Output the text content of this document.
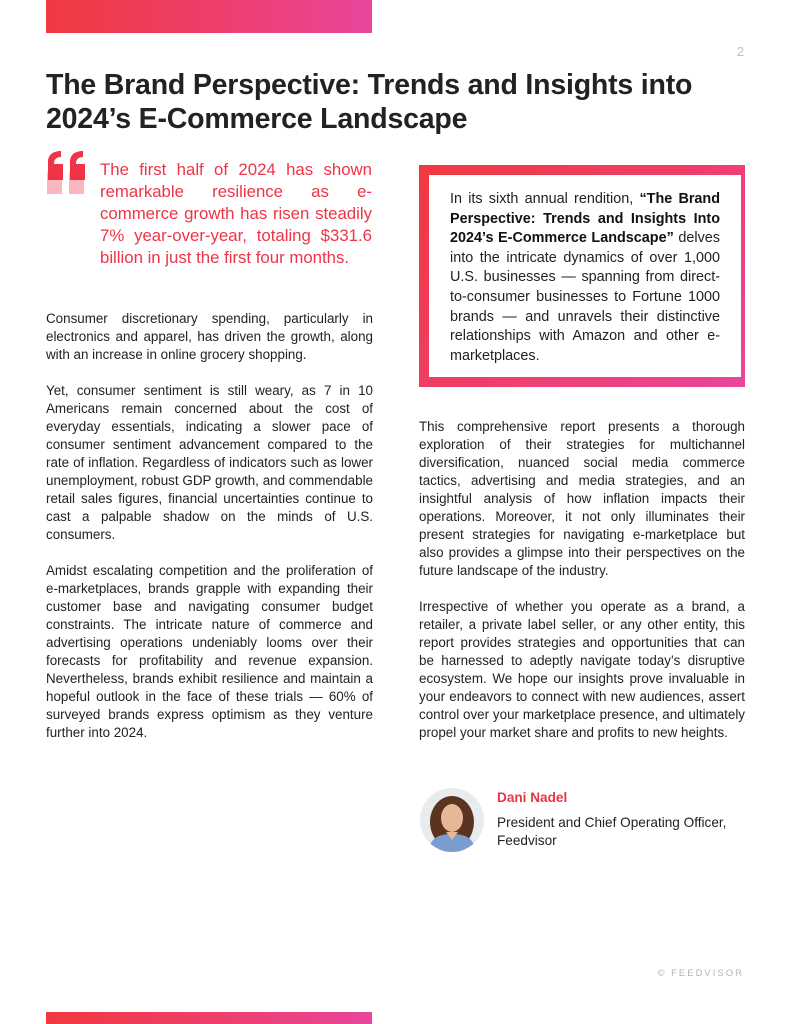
2
The Brand Perspective: Trends and Insights into 2024’s E-Commerce Landscape

The first half of 2024 has shown remarkable resilience as e-commerce growth has risen steadily 7% year-over-year, totaling $331.6 billion in just the first four months.

Consumer discretionary spending, particularly in electronics and apparel, has driven the growth, along with an increase in online grocery shopping.

Yet, consumer sentiment is still weary, as 7 in 10 Americans remain concerned about the cost of everyday essentials, indicating a slower pace of consumer sentiment advancement compared to the rate of inflation. Regardless of indicators such as lower unemployment, robust GDP growth, and commendable retail sales figures, financial uncertainties continue to cast a palpable shadow on the minds of U.S. consumers.

Amidst escalating competition and the proliferation of e-marketplaces, brands grapple with expanding their customer base and navigating consumer budget constraints. The intricate nature of commerce and advertising operations undeniably looms over their forecasts for profitability and revenue expansion. Nevertheless, brands exhibit resilience and maintain a hopeful outlook in the face of these trials — 60% of surveyed brands express optimism as they venture further into 2024.

In its sixth annual rendition, “The Brand Perspective: Trends and Insights Into 2024’s E-Commerce Landscape” delves into the intricate dynamics of over 1,000 U.S. businesses — spanning from direct-to-consumer businesses to Fortune 1000 brands — and unravels their distinctive relationships with Amazon and other e-marketplaces.

This comprehensive report presents a thorough exploration of their strategies for multichannel diversification, nuanced social media commerce tactics, advertising and media strategies, and an insightful analysis of how inflation impacts their operations. Moreover, it not only illuminates their present strategies for navigating e-marketplace but also provides a glimpse into their perspectives on the future landscape of the industry.

Irrespective of whether you operate as a brand, a retailer, a private label seller, or any other entity, this report provides strategies and opportunities that can be harnessed to adeptly navigate today’s disruptive ecosystem. We hope our insights prove invaluable in your endeavors to connect with new audiences, assert control over your marketplace presence, and ultimately propel your market share and profits to new heights.

Dani Nadel
President and Chief Operating Officer,
Feedvisor
© FEEDVISOR
